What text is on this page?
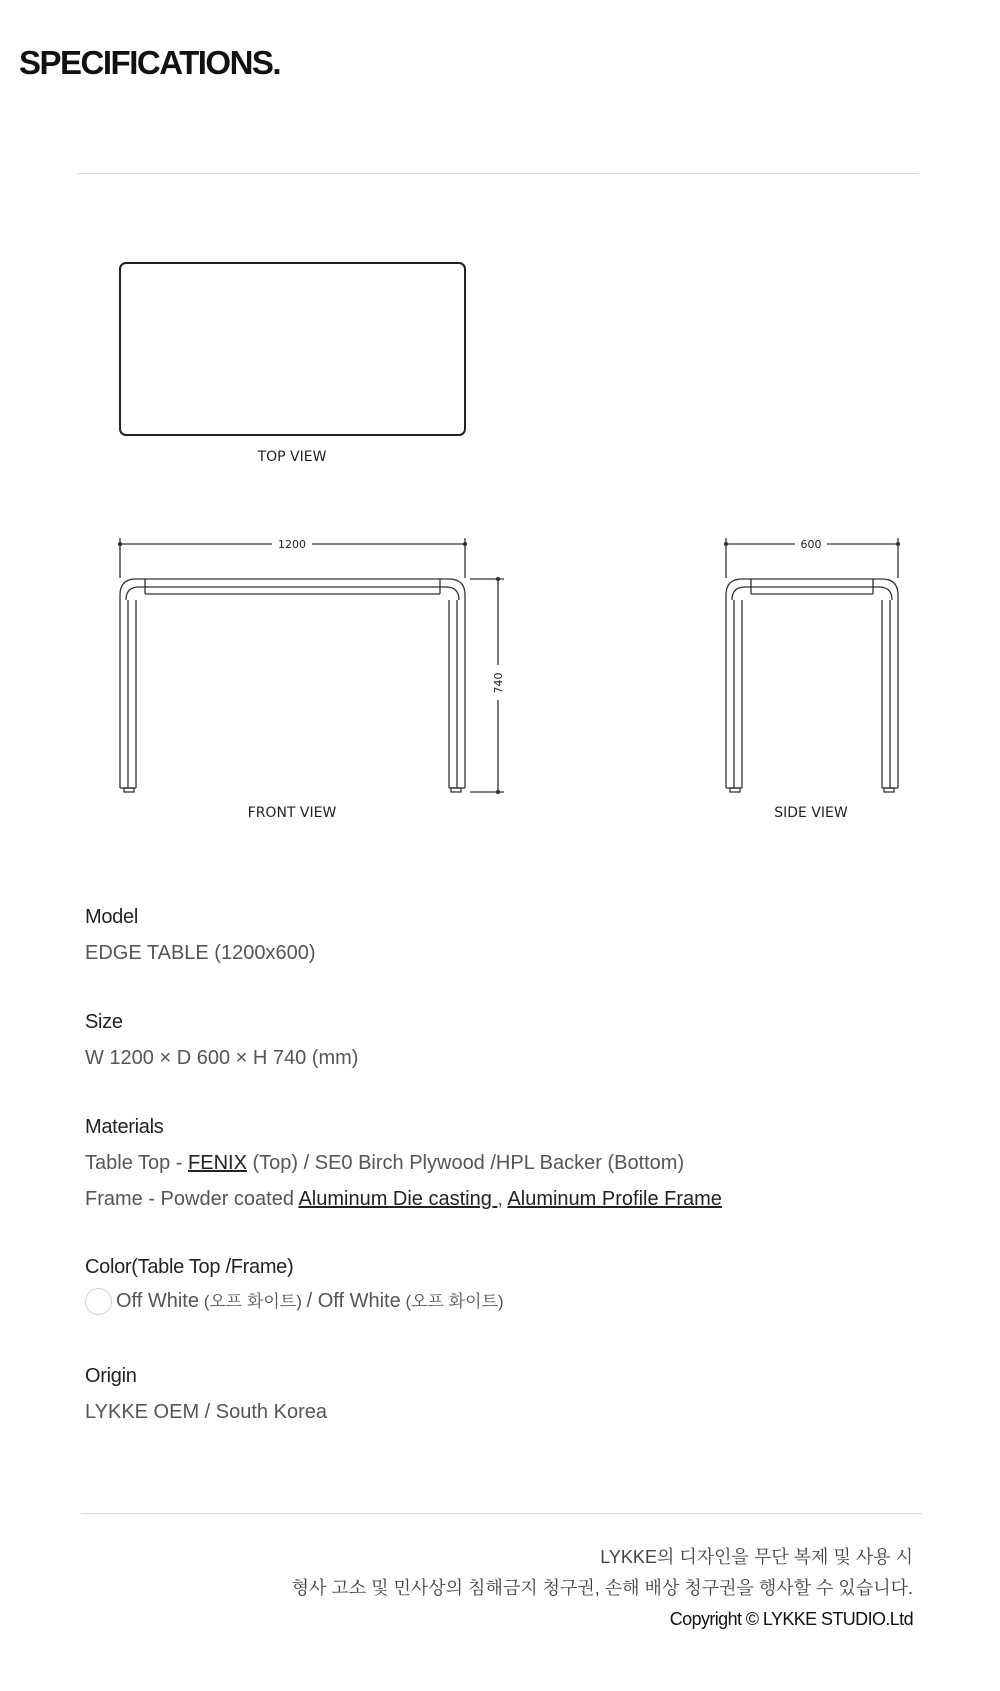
SPECIFICATIONS.
TOP VIEW
1200
740
FRONT VIEW
600
SIDE VIEW
Model
EDGE TABLE (1200x600)
Size
W 1200 × D 600 × H 740 (mm)
Materials
Table Top - FENIX (Top) / SE0 Birch Plywood /HPL Backer (Bottom)
Frame - Powder coated Aluminum Die casting , Aluminum Profile Frame
Color(Table Top /Frame)
Off White (오프 화이트) / Off White (오프 화이트)
Origin
LYKKE OEM / South Korea
LYKKE의 디자인을 무단 복제 및 사용 시
형사 고소 및 민사상의 침해금지 청구권, 손해 배상 청구권을 행사할 수 있습니다.
Copyright © LYKKE STUDIO.Ltd
